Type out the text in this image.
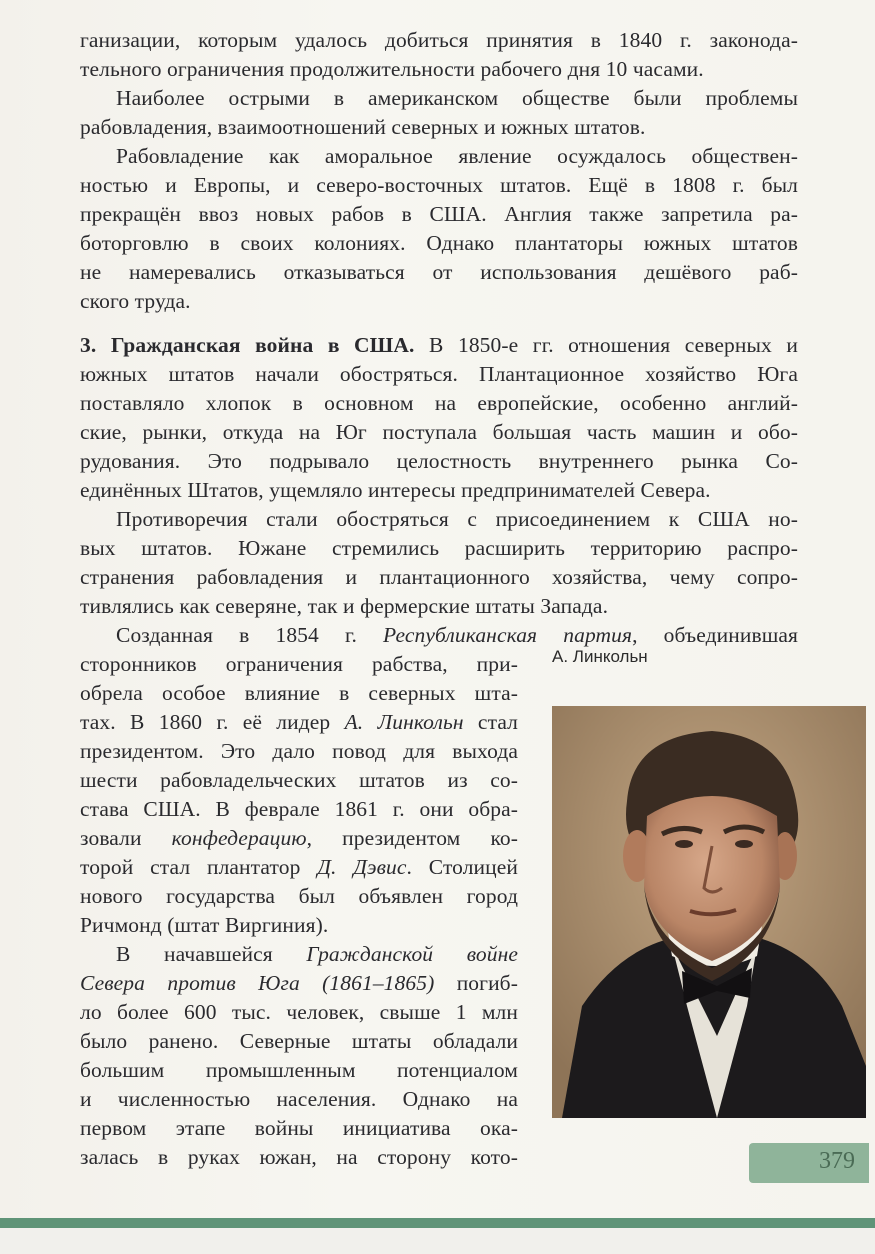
ганизации, которым удалось добиться принятия в 1840 г. законода-
тельного ограничения продолжительности рабочего дня 10 часами.
Наиболее острыми в американском обществе были проблемы
рабовладения, взаимоотношений северных и южных штатов.
Рабовладение как аморальное явление осуждалось обществен-
ностью и Европы, и северо-восточных штатов. Ещё в 1808 г. был
прекращён ввоз новых рабов в США. Англия также запретила ра-
боторговлю в своих колониях. Однако плантаторы южных штатов
не намеревались отказываться от использования дешёвого раб-
ского труда.
3. Гражданская война в США. В 1850-е гг. отношения северных и
южных штатов начали обостряться. Плантационное хозяйство Юга
поставляло хлопок в основном на европейские, особенно англий-
ские, рынки, откуда на Юг поступала большая часть машин и обо-
рудования. Это подрывало целостность внутреннего рынка Со-
единённых Штатов, ущемляло интересы предпринимателей Севера.
Противоречия стали обостряться с присоединением к США но-
вых штатов. Южане стремились расширить территорию распро-
странения рабовладения и плантационного хозяйства, чему сопро-
тивлялись как северяне, так и фермерские штаты Запада.
Созданная в 1854 г. Республиканская партия, объединившая
сторонников ограничения рабства, при-
обрела особое влияние в северных шта-
тах. В 1860 г. её лидер А. Линкольн стал
президентом. Это дало повод для выхода
шести рабовладельческих штатов из со-
става США. В феврале 1861 г. они обра-
зовали конфедерацию, президентом ко-
торой стал плантатор Д. Дэвис. Столицей
нового государства был объявлен город
Ричмонд (штат Виргиния).
В начавшейся Гражданской войне
Севера против Юга (1861–1865) погиб-
ло более 600 тыс. человек, свыше 1 млн
было ранено. Северные штаты обладали
большим промышленным потенциалом
и численностью населения. Однако на
первом этапе войны инициатива ока-
залась в руках южан, на сторону кото-
А. Линкольн
379
